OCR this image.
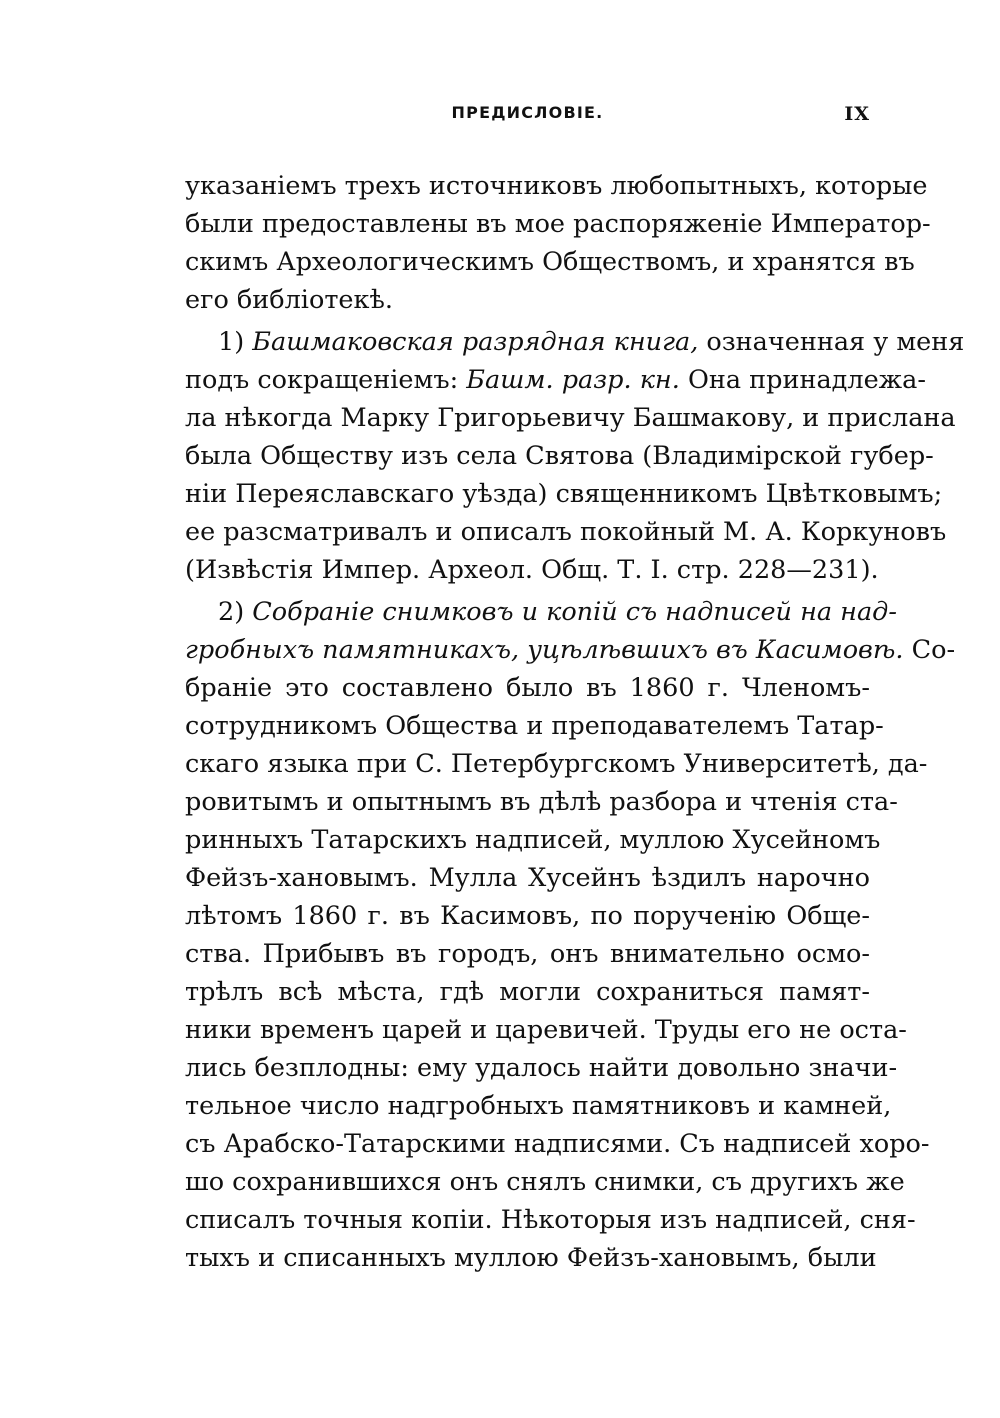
ПРЕДИСЛОВІЕ.	IX
указаніемъ трехъ источниковъ любопытныхъ, которые
были предоставлены въ мое распоряженіе Император-
скимъ Археологическимъ Обществомъ, и хранятся въ
его библіотекѣ.
1) Башмаковская разрядная книга, означенная у меня
подъ сокращеніемъ: Башм. разр. кн. Она принадлежа-
ла нѣкогда Марку Григорьевичу Башмакову, и прислана
была Обществу изъ села Святова (Владимірской губер-
ніи Переяславскаго уѣзда) священникомъ Цвѣтковымъ;
ее разсматривалъ и описалъ покойный М. А. Коркуновъ
(Извѣстія Импер. Археол. Общ. Т. I. стр. 228—231).
2) Собраніе снимковъ и копій съ надписей на над-
гробныхъ памятникахъ, уцѣлѣвшихъ въ Касимовѣ. Со-
браніе это составлено было въ 1860 г. Членомъ-
сотрудникомъ Общества и преподавателемъ Татар-
скаго языка при С. Петербургскомъ Университетѣ, да-
ровитымъ и опытнымъ въ дѣлѣ разбора и чтенія ста-
ринныхъ Татарскихъ надписей, муллою Хусейномъ
Фейзъ-хановымъ. Мулла Хусейнъ ѣздилъ нарочно
лѣтомъ 1860 г. въ Касимовъ, по порученію Общe-
ства. Прибывъ въ городъ, онъ внимательно осмо-
трѣлъ всѣ мѣста, гдѣ могли сохраниться памят-
ники временъ царей и царевичей. Труды его не оста-
лись безплодны: ему удалось найти довольно значи-
тельное число надгробныхъ памятниковъ и камней,
съ Арабско-Татарскими надписями. Съ надписей хоро-
шо сохранившихся онъ снялъ снимки, съ другихъ же
списалъ точныя копіи. Нѣкоторыя изъ надписей, сня-
тыхъ и списанныхъ муллою Фейзъ-хановымъ, были
